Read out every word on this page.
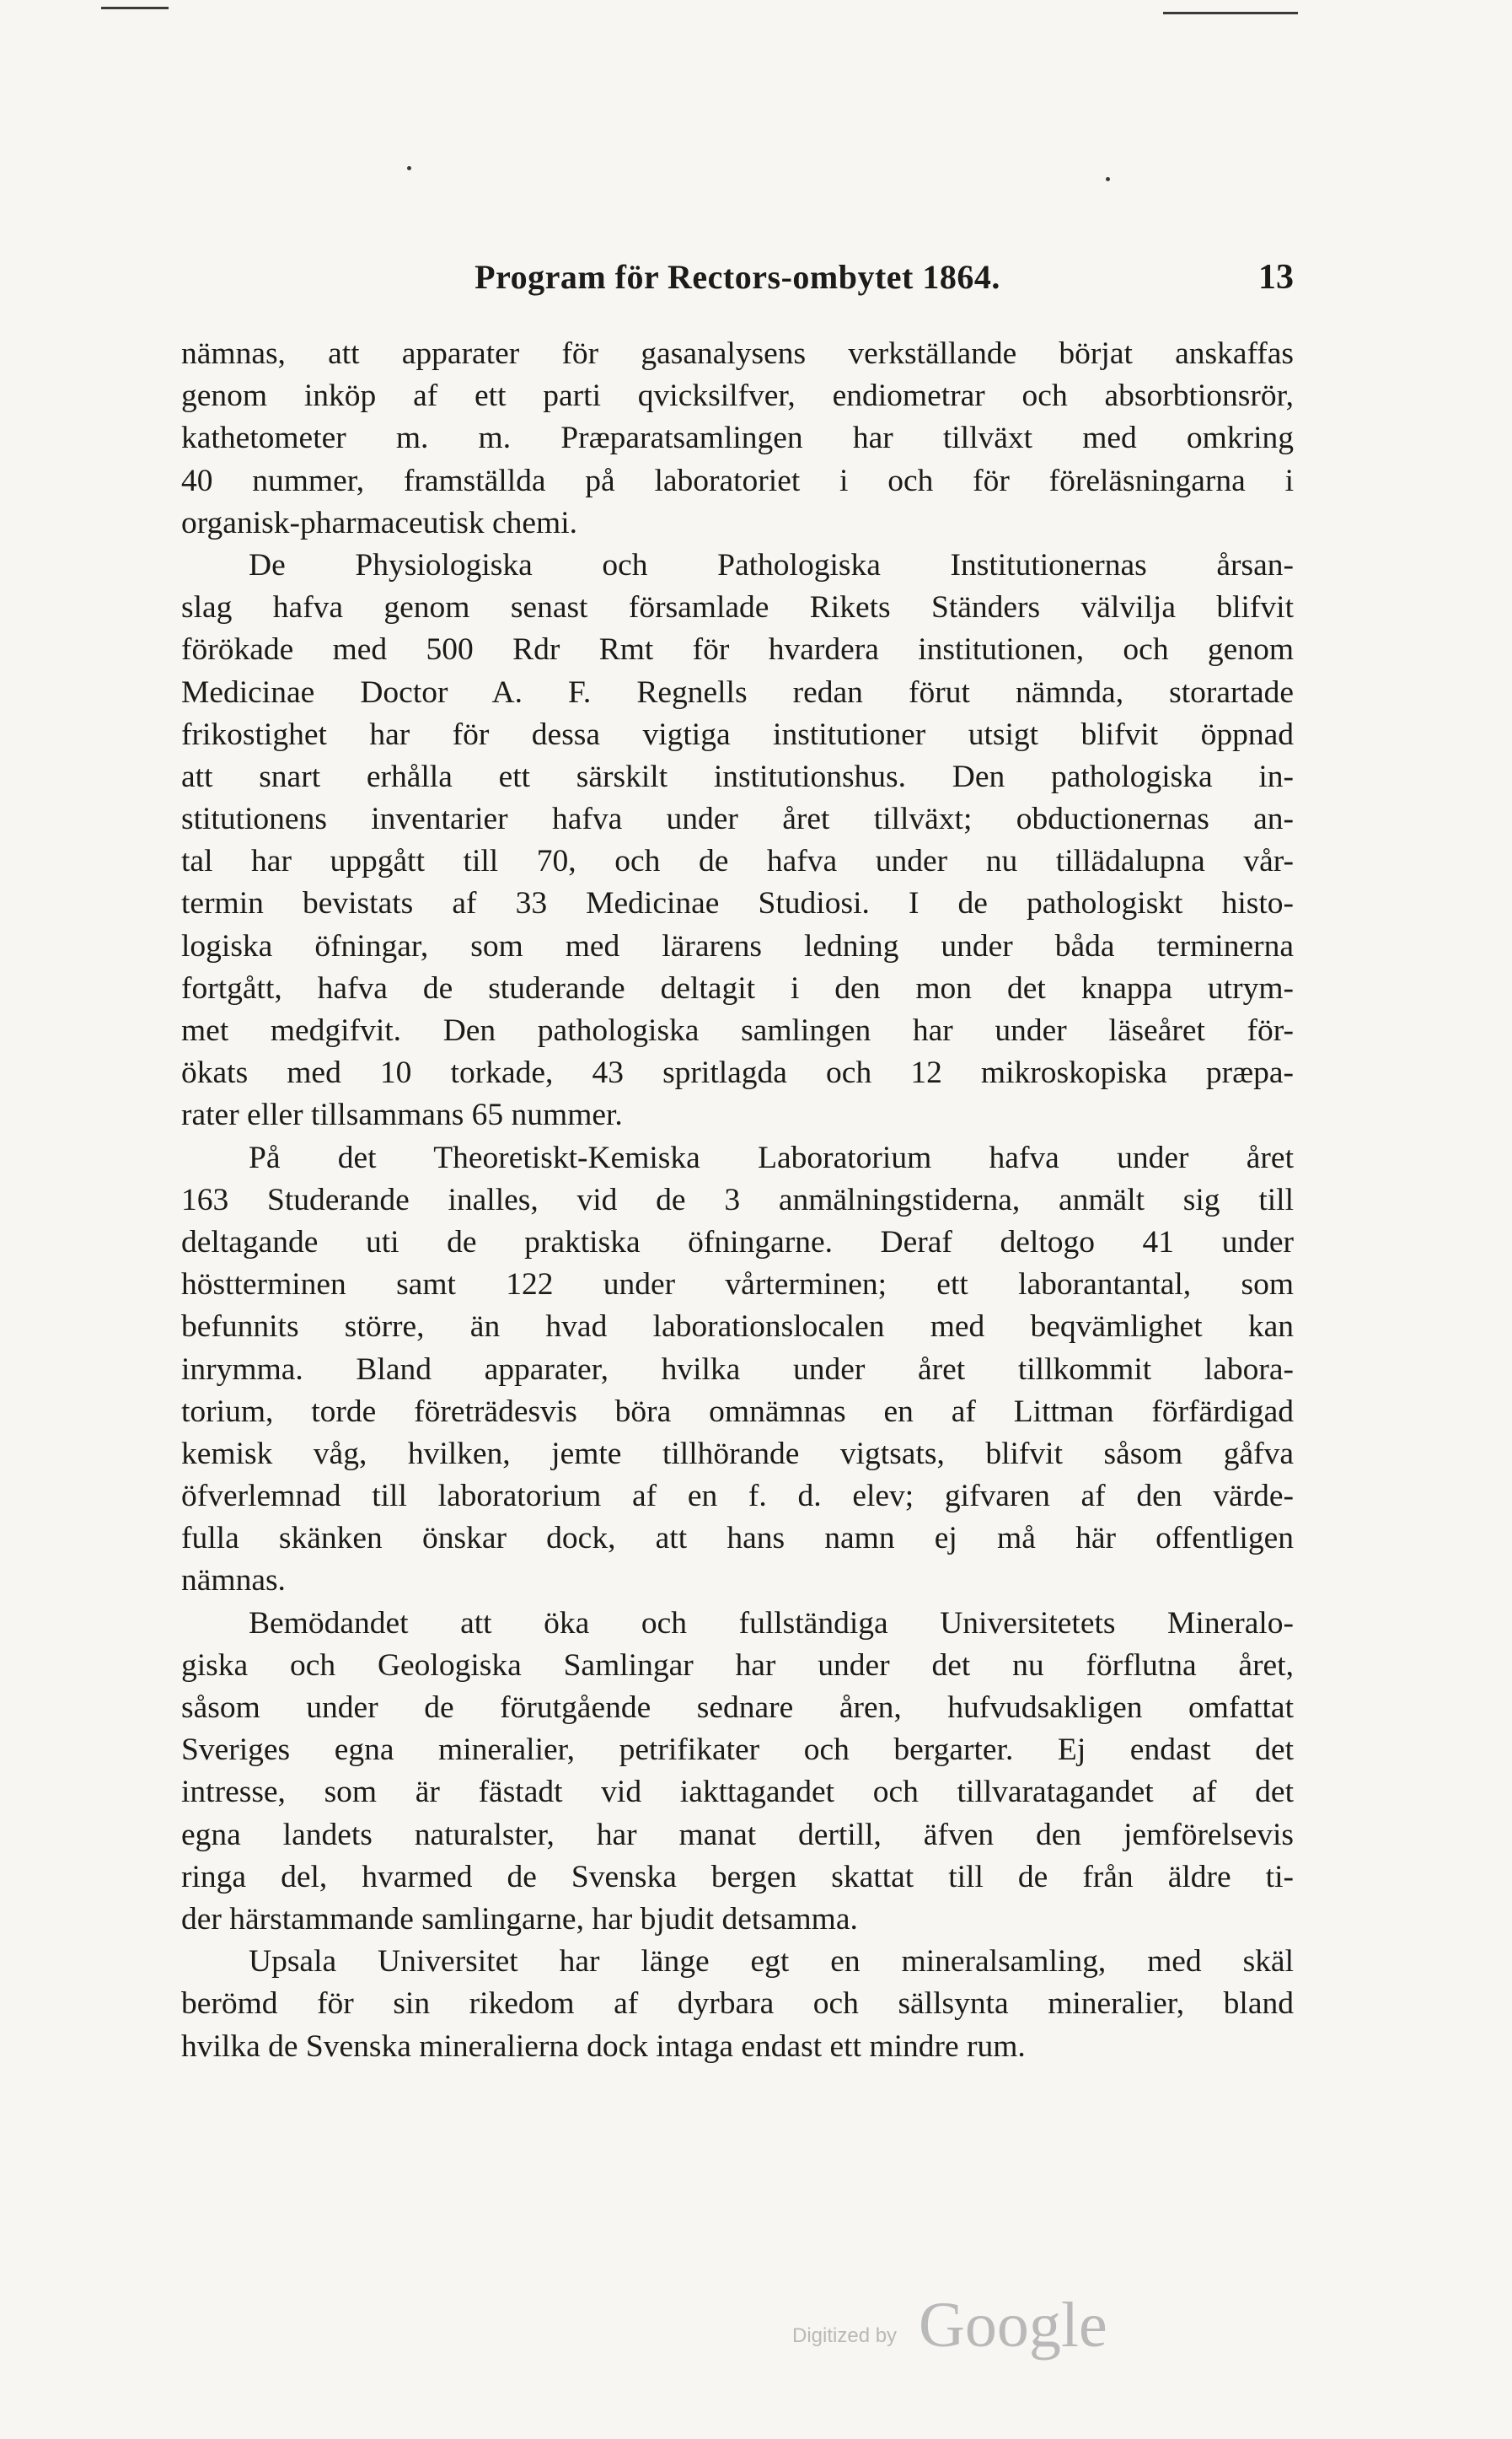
Program för Rectors-ombytet 1864.	13
nämnas, att apparater för gasanalysens verkställande börjat anskaffas
genom inköp af ett parti qvicksilfver, endiometrar och absorbtionsrör,
kathetometer m. m. Præparatsamlingen har tillväxt med omkring
40 nummer, framställda på laboratoriet i och för föreläsningarna i
organisk-pharmaceutisk chemi.
De Physiologiska och Pathologiska Institutionernas årsan-
slag hafva genom senast församlade Rikets Ständers välvilja blifvit
förökade med 500 Rdr Rmt för hvardera institutionen, och genom
Medicinae Doctor A. F. Regnells redan förut nämnda, storartade
frikostighet har för dessa vigtiga institutioner utsigt blifvit öppnad
att snart erhålla ett särskilt institutionshus. Den pathologiska in-
stitutionens inventarier hafva under året tillväxt; obductionernas an-
tal har uppgått till 70, och de hafva under nu tillädalupna vår-
termin bevistats af 33 Medicinae Studiosi. I de pathologiskt histo-
logiska öfningar, som med lärarens ledning under båda terminerna
fortgått, hafva de studerande deltagit i den mon det knappa utrym-
met medgifvit. Den pathologiska samlingen har under läseåret för-
ökats med 10 torkade, 43 spritlagda och 12 mikroskopiska præpa-
rater eller tillsammans 65 nummer.
På det Theoretiskt-Kemiska Laboratorium hafva under året
163 Studerande inalles, vid de 3 anmälningstiderna, anmält sig till
deltagande uti de praktiska öfningarne. Deraf deltogo 41 under
höstterminen samt 122 under vårterminen; ett laborantantal, som
befunnits större, än hvad laborationslocalen med beqvämlighet kan
inrymma. Bland apparater, hvilka under året tillkommit labora-
torium, torde företrädesvis böra omnämnas en af Littman förfärdigad
kemisk våg, hvilken, jemte tillhörande vigtsats, blifvit såsom gåfva
öfverlemnad till laboratorium af en f. d. elev; gifvaren af den värde-
fulla skänken önskar dock, att hans namn ej må här offentligen
nämnas.
Bemödandet att öka och fullständiga Universitetets Mineralo-
giska och Geologiska Samlingar har under det nu förflutna året,
såsom under de förutgående sednare åren, hufvudsakligen omfattat
Sveriges egna mineralier, petrifikater och bergarter. Ej endast det
intresse, som är fästadt vid iakttagandet och tillvaratagandet af det
egna landets naturalster, har manat dertill, äfven den jemförelsevis
ringa del, hvarmed de Svenska bergen skattat till de från äldre ti-
der härstammande samlingarne, har bjudit detsamma.
Upsala Universitet har länge egt en mineralsamling, med skäl
berömd för sin rikedom af dyrbara och sällsynta mineralier, bland
hvilka de Svenska mineralierna dock intaga endast ett mindre rum.
Digitized by Google
